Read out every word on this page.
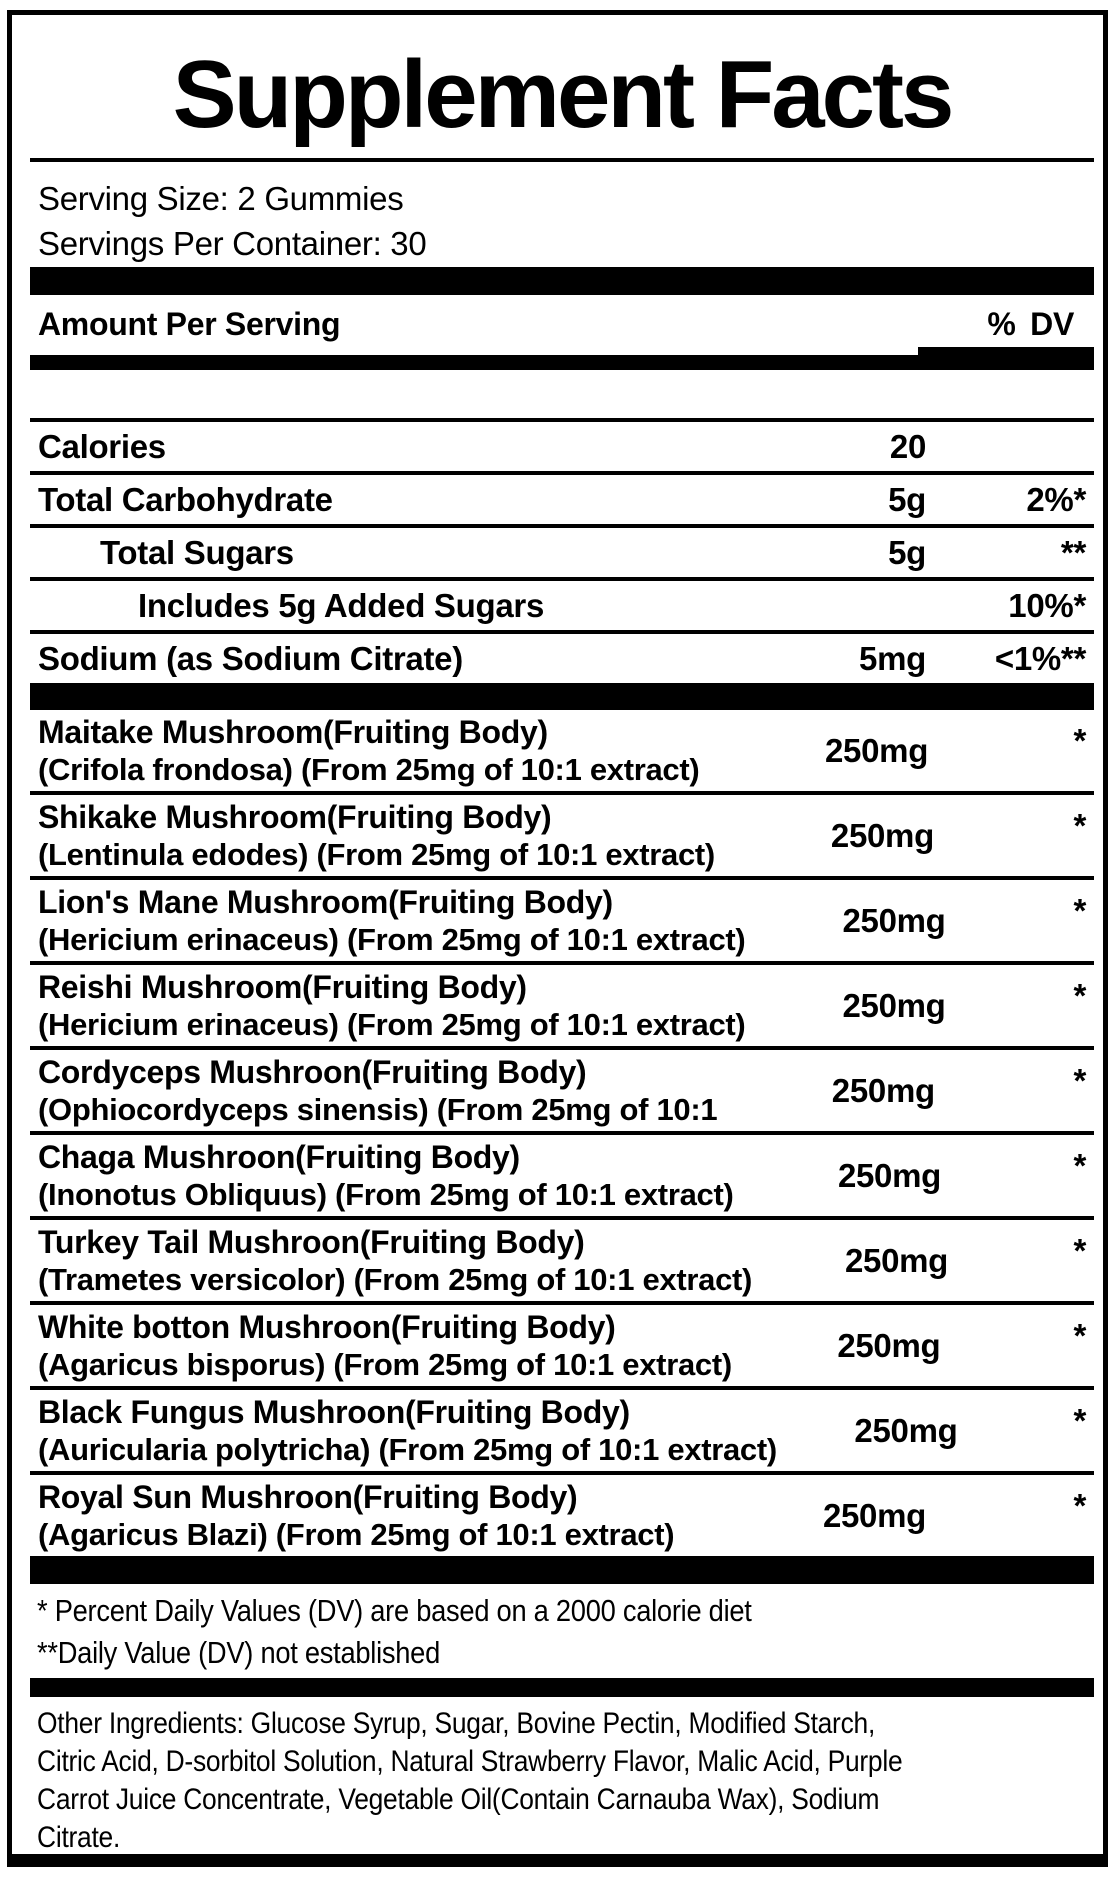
Supplement Facts
Serving Size: 2 Gummies
Servings Per Container: 30
Amount Per Serving	% DV
Calories	20
Total Carbohydrate	5g	2%*
Total Sugars	5g	**
Includes 5g Added Sugars	10%*
Sodium (as Sodium Citrate)	5mg	<1%**
Maitake Mushroom(Fruiting Body)
(Crifola frondosa) (From 25mg of 10:1 extract)
250mg	*
Shikake Mushroom(Fruiting Body)
(Lentinula edodes) (From 25mg of 10:1 extract)
250mg	*
Lion's Mane Mushroom(Fruiting Body)
(Hericium erinaceus) (From 25mg of 10:1 extract)
250mg	*
Reishi Mushroom(Fruiting Body)
(Hericium erinaceus) (From 25mg of 10:1 extract)
250mg	*
Cordyceps Mushroon(Fruiting Body)
(Ophiocordyceps sinensis) (From 25mg of 10:1
250mg	*
Chaga Mushroon(Fruiting Body)
(Inonotus Obliquus) (From 25mg of 10:1 extract)
250mg	*
Turkey Tail Mushroon(Fruiting Body)
(Trametes versicolor) (From 25mg of 10:1 extract)
250mg	*
White botton Mushroon(Fruiting Body)
(Agaricus bisporus) (From 25mg of 10:1 extract)
250mg	*
Black Fungus Mushroon(Fruiting Body)
(Auricularia polytricha) (From 25mg of 10:1 extract)
250mg	*
Royal Sun Mushroon(Fruiting Body)
(Agaricus Blazi) (From 25mg of 10:1 extract)
250mg	*
* Percent Daily Values (DV) are based on a 2000 calorie diet
**Daily Value (DV) not established
Other Ingredients: Glucose Syrup, Sugar, Bovine Pectin, Modified Starch,
Citric Acid, D-sorbitol Solution, Natural Strawberry Flavor, Malic Acid, Purple
Carrot Juice Concentrate, Vegetable Oil(Contain Carnauba Wax), Sodium
Citrate.
